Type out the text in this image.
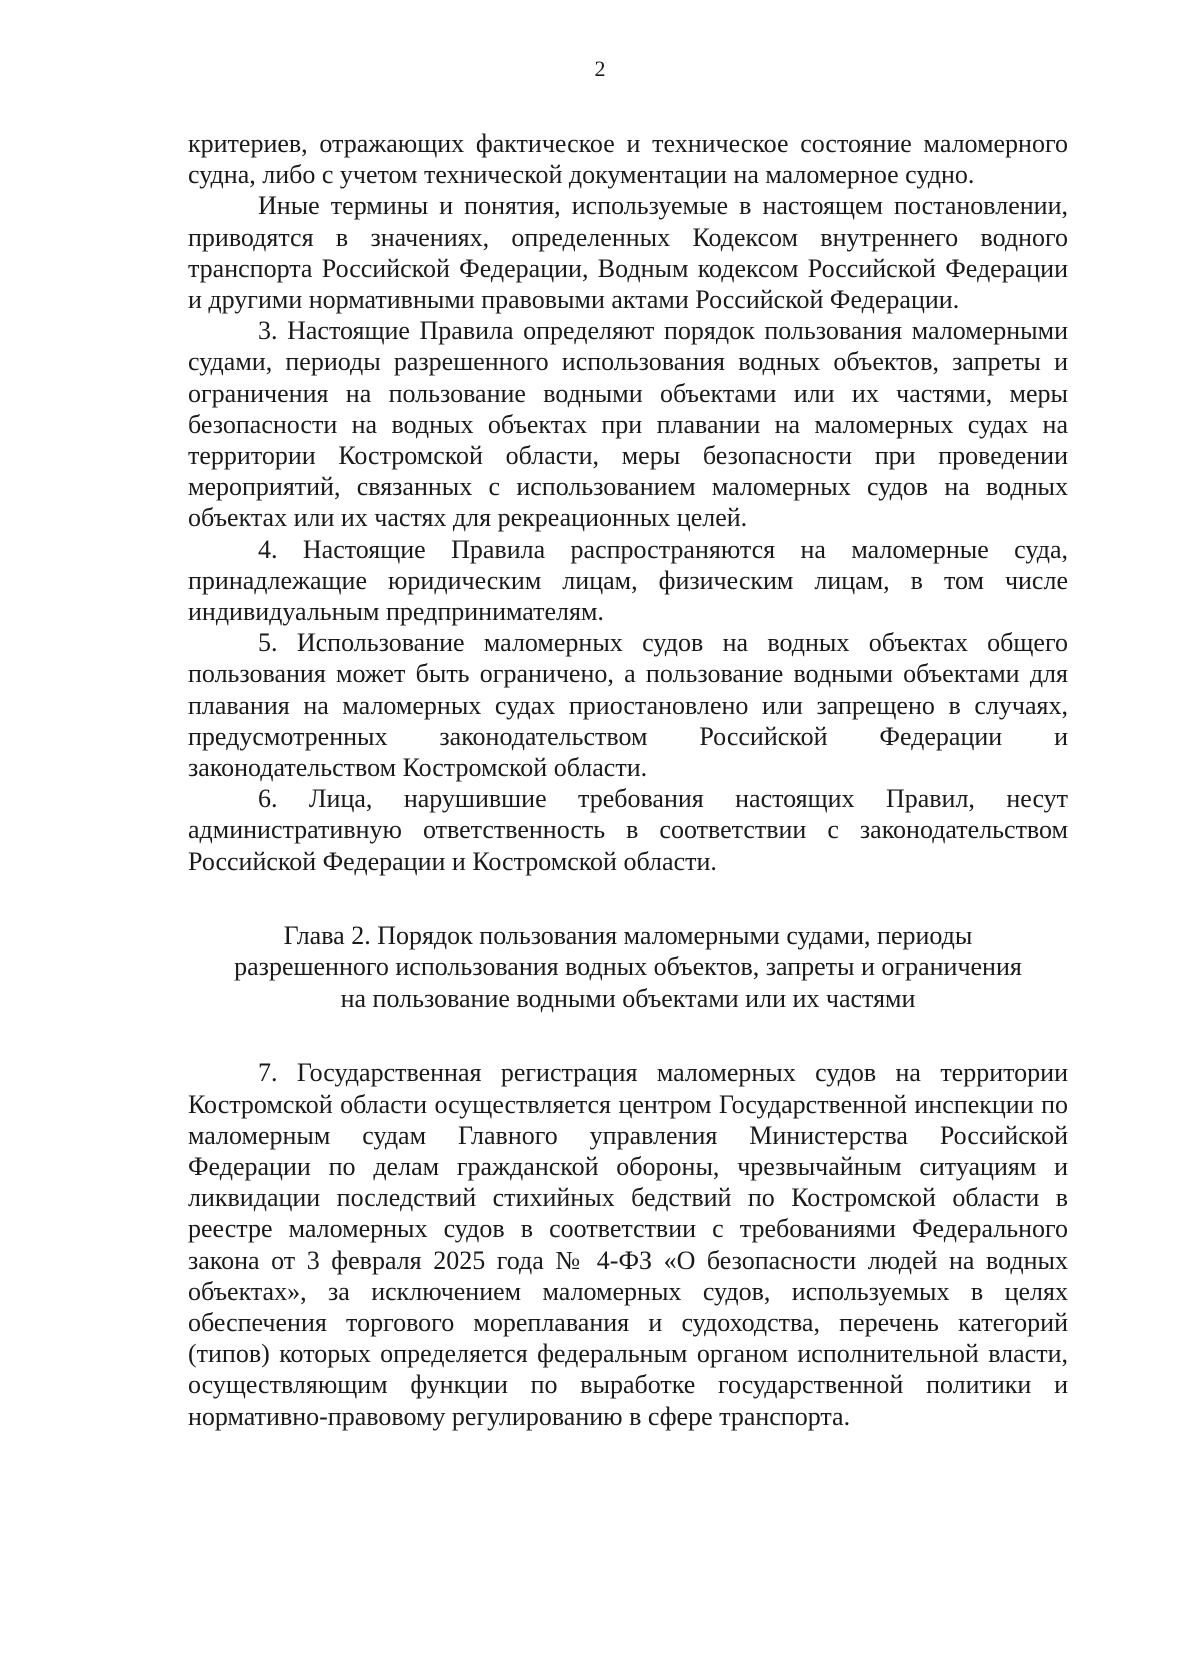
2

критериев, отражающих фактическое и техническое состояние маломерного судна, либо с учетом технической документации на маломерное судно.

Иные термины и понятия, используемые в настоящем постановлении, приводятся в значениях, определенных Кодексом внутреннего водного транспорта Российской Федерации, Водным кодексом Российской Федерации и другими нормативными правовыми актами Российской Федерации.

3. Настоящие Правила определяют порядок пользования маломерными судами, периоды разрешенного использования водных объектов, запреты и ограничения на пользование водными объектами или их частями, меры безопасности на водных объектах при плавании на маломерных судах на территории Костромской области, меры безопасности при проведении мероприятий, связанных с использованием маломерных судов на водных объектах или их частях для рекреационных целей.

4. Настоящие Правила распространяются на маломерные суда, принадлежащие юридическим лицам, физическим лицам, в том числе индивидуальным предпринимателям.

5. Использование маломерных судов на водных объектах общего пользования может быть ограничено, а пользование водными объектами для плавания на маломерных судах приостановлено или запрещено в случаях, предусмотренных законодательством Российской Федерации и законодательством Костромской области.

6. Лица, нарушившие требования настоящих Правил, несут административную ответственность в соответствии с законодательством Российской Федерации и Костромской области.

Глава 2. Порядок пользования маломерными судами, периоды
разрешенного использования водных объектов, запреты и ограничения
на пользование водными объектами или их частями

7. Государственная регистрация маломерных судов на территории Костромской области осуществляется центром Государственной инспекции по маломерным судам Главного управления Министерства Российской Федерации по делам гражданской обороны, чрезвычайным ситуациям и ликвидации последствий стихийных бедствий по Костромской области в реестре маломерных судов в соответствии с требованиями Федерального закона от 3 февраля 2025 года № 4-ФЗ «О безопасности людей на водных объектах», за исключением маломерных судов, используемых в целях обеспечения торгового мореплавания и судоходства, перечень категорий (типов) которых определяется федеральным органом исполнительной власти, осуществляющим функции по выработке государственной политики и нормативно-правовому регулированию в сфере транспорта.
